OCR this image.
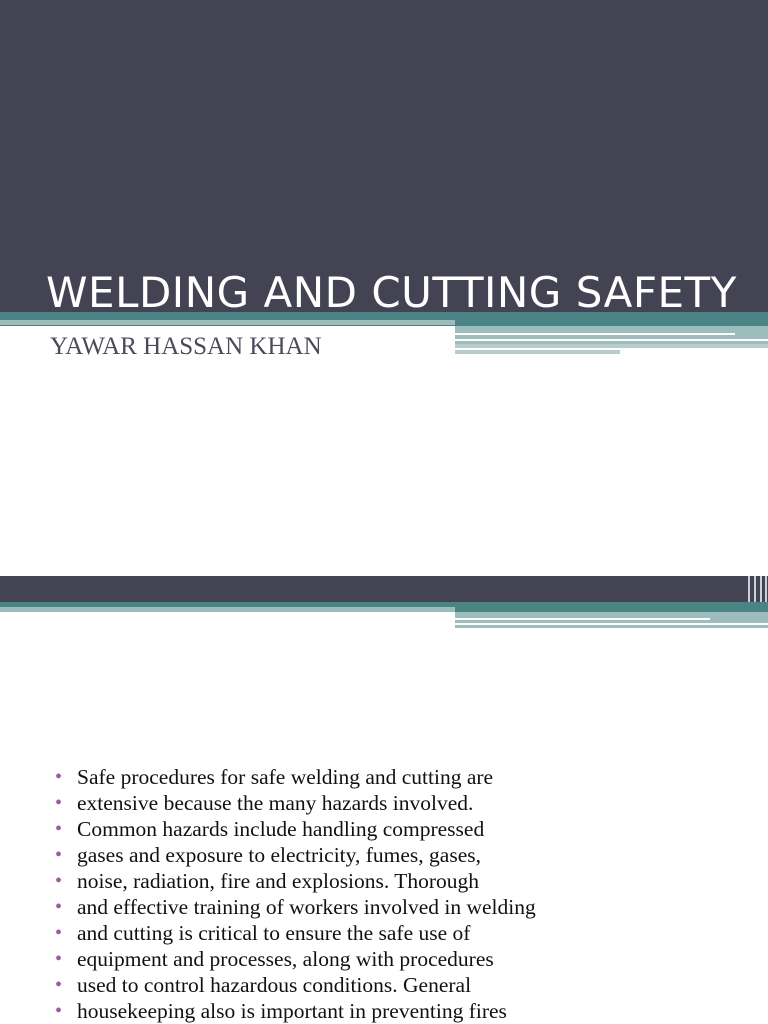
WELDING AND CUTTING SAFETY

YAWAR HASSAN KHAN

• Safe procedures for safe welding and cutting are
• extensive because the many hazards involved.
• Common hazards include handling compressed
• gases and exposure to electricity, fumes, gases,
• noise, radiation, fire and explosions. Thorough
• and effective training of workers involved in welding
• and cutting is critical to ensure the safe use of
• equipment and processes, along with procedures
• used to control hazardous conditions. General
• housekeeping also is important in preventing fires
